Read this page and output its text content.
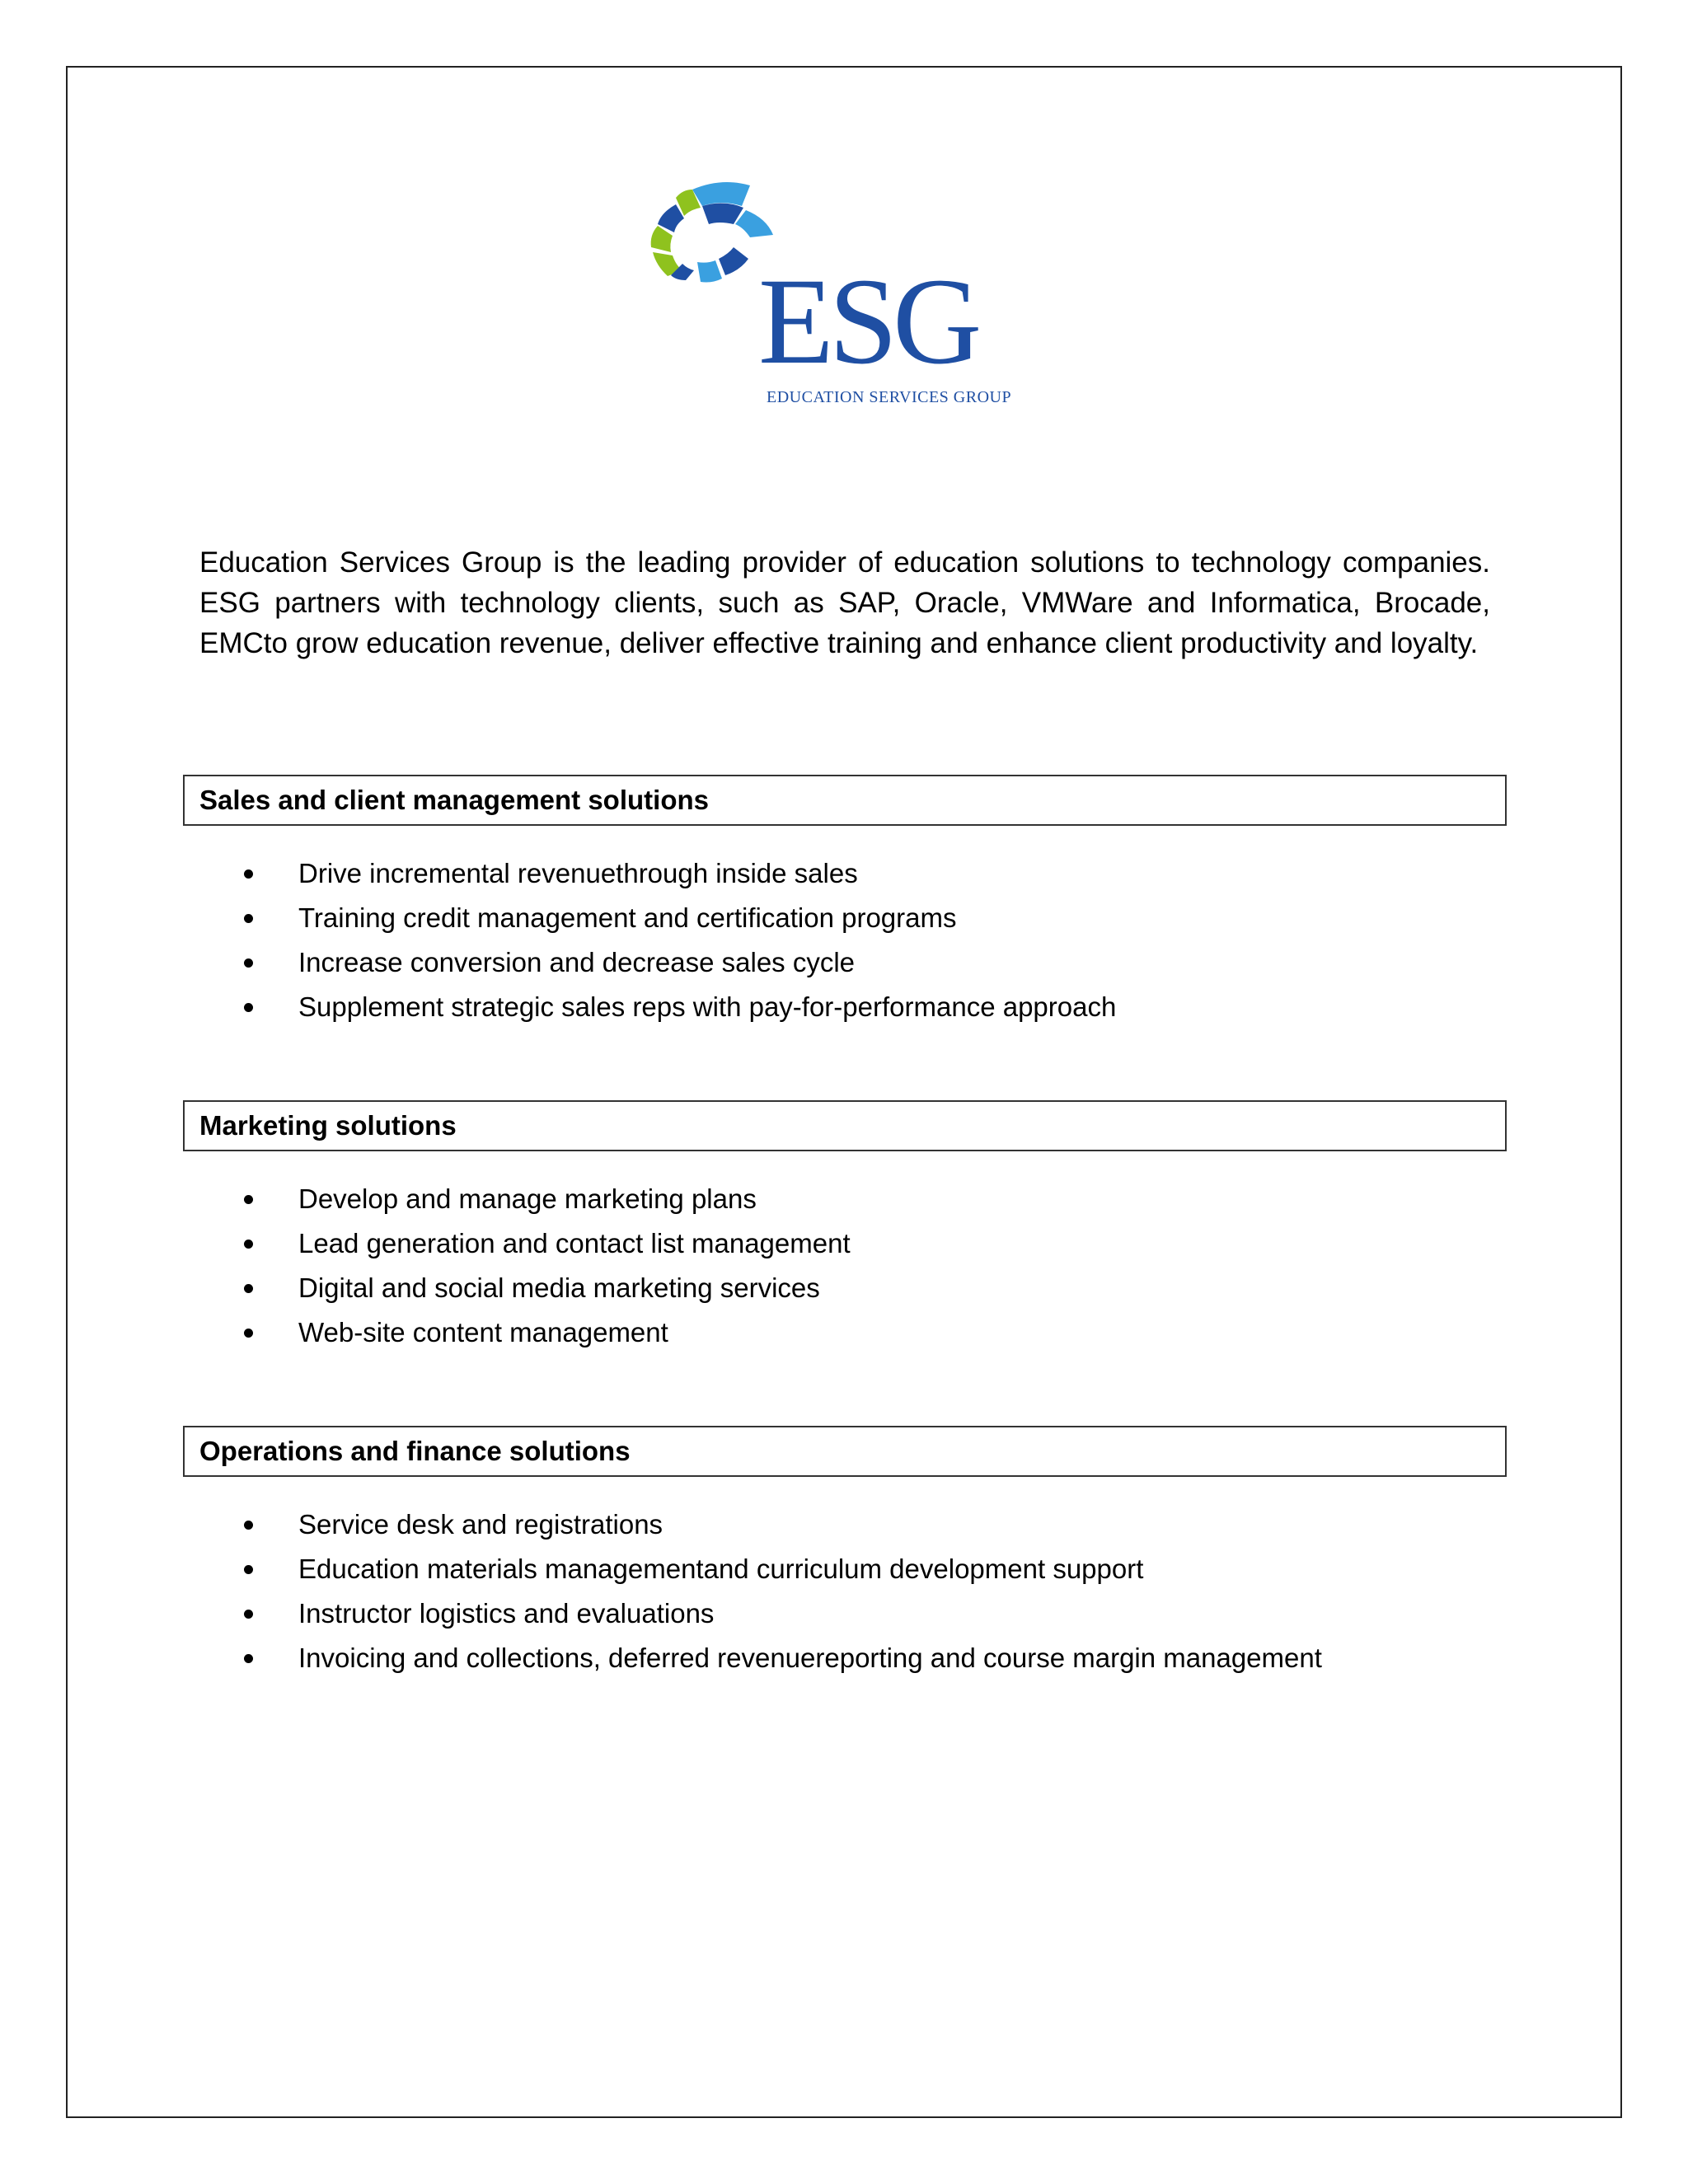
ESG
EDUCATION SERVICES GROUP

Education Services Group is the leading provider of education solutions to technology companies. ESG partners with technology clients, such as SAP, Oracle, VMWare and Informatica, Brocade, EMCto grow education revenue, deliver effective training and enhance client productivity and loyalty.

Sales and client management solutions
Drive incremental revenuethrough inside sales
Training credit management and certification programs
Increase conversion and decrease sales cycle
Supplement strategic sales reps with pay-for-performance approach
Marketing solutions
Develop and manage marketing plans
Lead generation and contact list management
Digital and social media marketing services
Web-site content management
Operations and finance solutions
Service desk and registrations
Education materials managementand curriculum development support
Instructor logistics and evaluations
Invoicing and collections, deferred revenuereporting and course margin management
